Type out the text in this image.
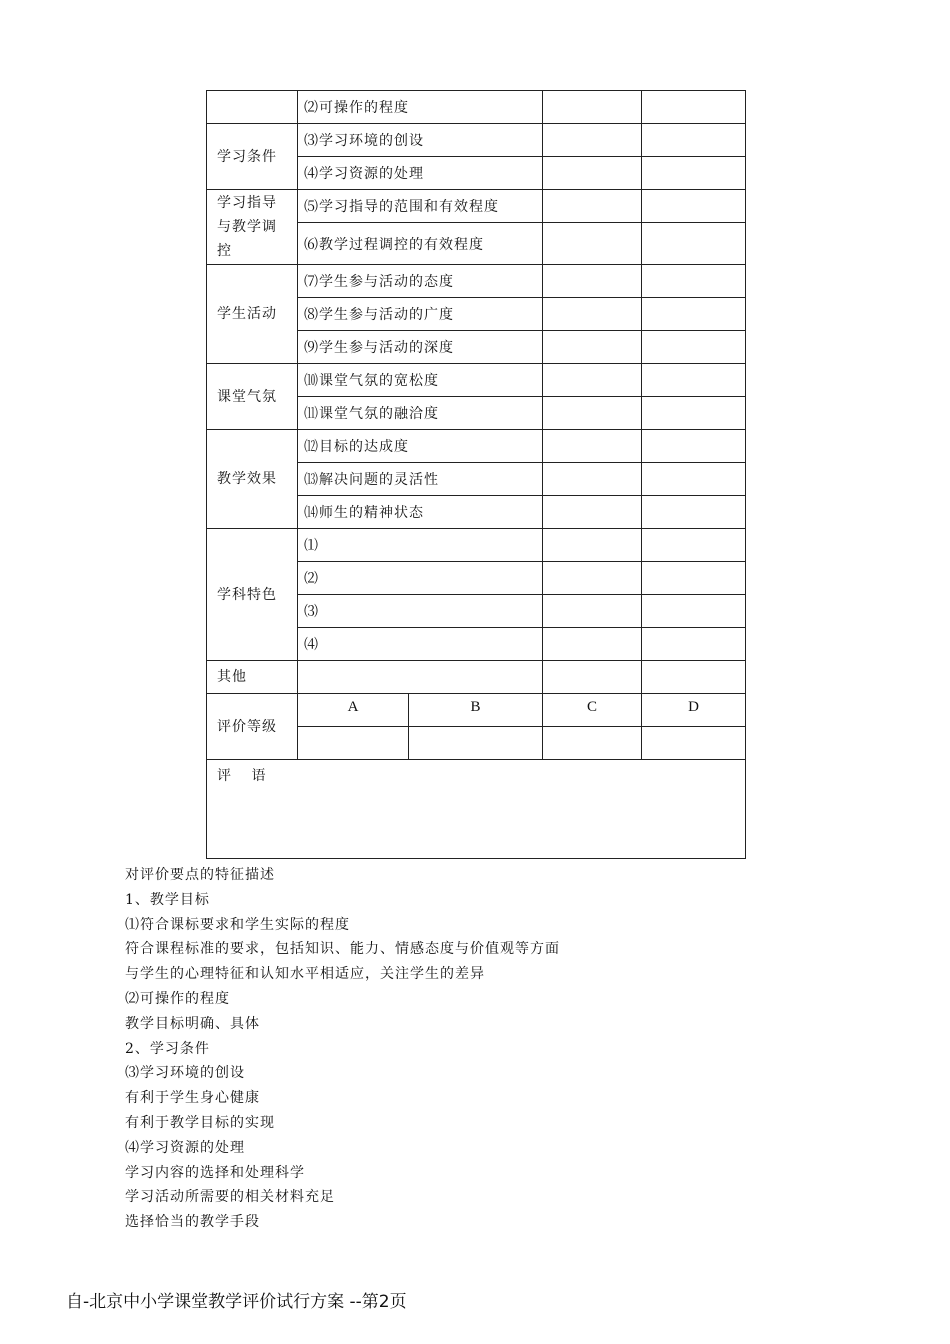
	⑵可操作的程度			
学习条件	⑶学习环境的创设			
	⑷学习资源的处理			

学习指导
与教学调
控	⑸学习指导的范围和有效程度			
	⑹教学过程调控的有效程度			
学生活动	⑺学生参与活动的态度			
	⑻学生参与活动的广度			
	⑼学生参与活动的深度			
课堂气氛	⑽课堂气氛的宽松度			
	⑾课堂气氛的融洽度			
教学效果	⑿目标的达成度			
	⒀解决问题的灵活性			
	⒁师生的精神状态			
学科特色	⑴			
	⑵			
	⑶			
	⑷			
其他				
评价等级	A	B	C	D

评 语				
对评价要点的特征描述
1、教学目标
⑴符合课标要求和学生实际的程度
符合课程标准的要求，包括知识、能力、情感态度与价值观等方面
与学生的心理特征和认知水平相适应，关注学生的差异
⑵可操作的程度
教学目标明确、具体
2、学习条件
⑶学习环境的创设
有利于学生身心健康
有利于教学目标的实现
⑷学习资源的处理
学习内容的选择和处理科学
学习活动所需要的相关材料充足
选择恰当的教学手段
自-北京中小学课堂教学评价试行方案 --第2页
